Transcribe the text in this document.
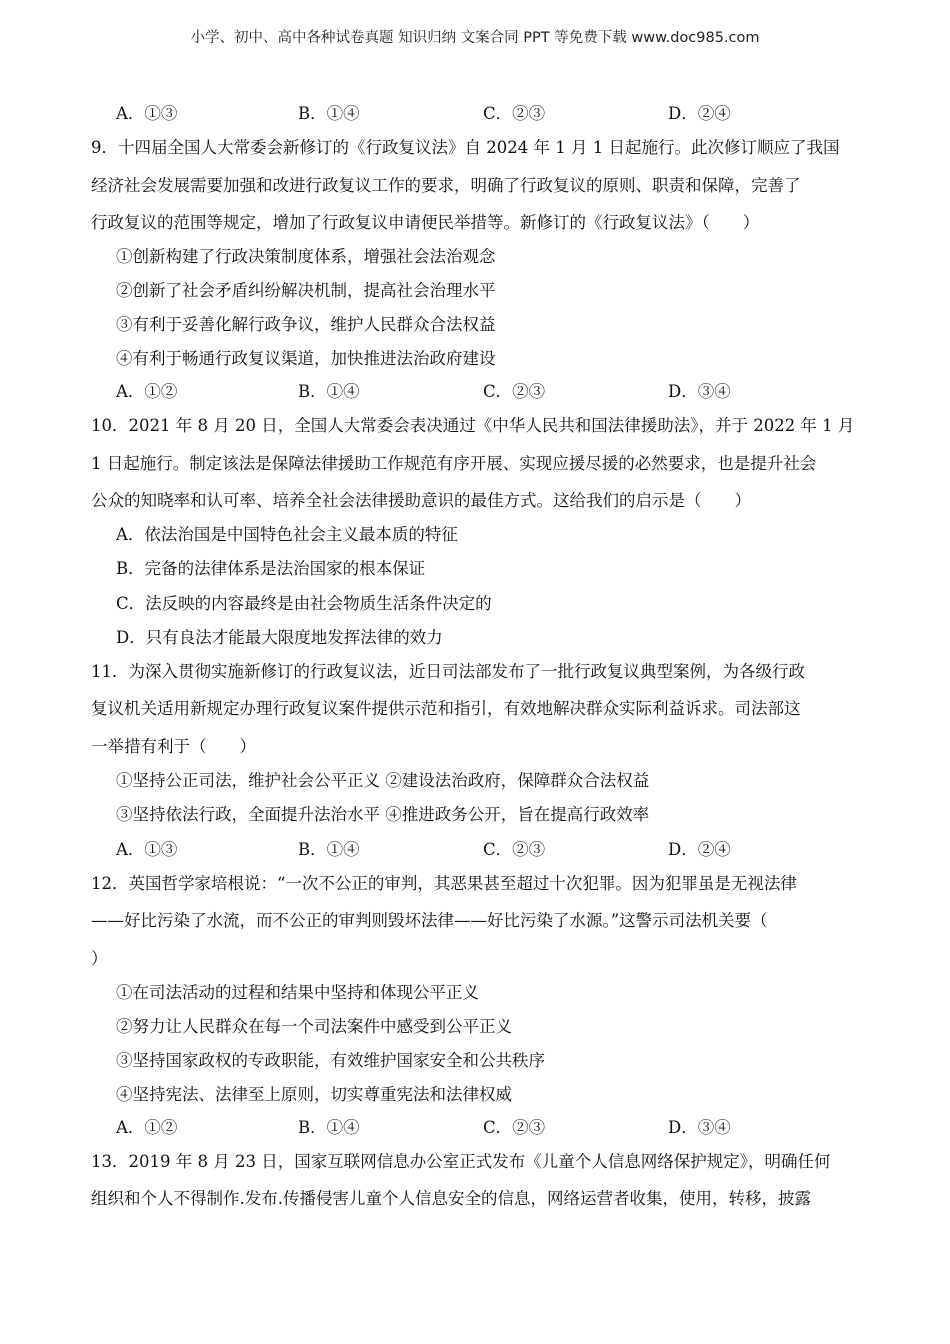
小学、初中、高中各种试卷真题 知识归纳 文案合同 PPT 等免费下载 www.doc985.com
A．①③	B．①④	C．②③	D．②④
9．十四届全国人大常委会新修订的《行政复议法》自 2024 年 1 月 1 日起施行。此次修订顺应了我国
经济社会发展需要加强和改进行政复议工作的要求，明确了行政复议的原则、职责和保障，完善了
行政复议的范围等规定，增加了行政复议申请便民举措等。新修订的《行政复议法》（　　）
①创新构建了行政决策制度体系，增强社会法治观念
②创新了社会矛盾纠纷解决机制，提高社会治理水平
③有利于妥善化解行政争议，维护人民群众合法权益
④有利于畅通行政复议渠道，加快推进法治政府建设
A．①②	B．①④	C．②③	D．③④
10．2021 年 8 月 20 日，全国人大常委会表决通过《中华人民共和国法律援助法》，并于 2022 年 1 月
1 日起施行。制定该法是保障法律援助工作规范有序开展、实现应援尽援的必然要求，也是提升社会
公众的知晓率和认可率、培养全社会法律援助意识的最佳方式。这给我们的启示是（　　）
A．依法治国是中国特色社会主义最本质的特征
B．完备的法律体系是法治国家的根本保证
C．法反映的内容最终是由社会物质生活条件决定的
D．只有良法才能最大限度地发挥法律的效力
11．为深入贯彻实施新修订的行政复议法，近日司法部发布了一批行政复议典型案例，为各级行政
复议机关适用新规定办理行政复议案件提供示范和指引，有效地解决群众实际利益诉求。司法部这
一举措有利于（　　）
①坚持公正司法，维护社会公平正义 ②建设法治政府，保障群众合法权益
③坚持依法行政，全面提升法治水平 ④推进政务公开，旨在提高行政效率
A．①③	B．①④	C．②③	D．②④
12．英国哲学家培根说：“一次不公正的审判，其恶果甚至超过十次犯罪。因为犯罪虽是无视法律
——好比污染了水流，而不公正的审判则毁坏法律——好比污染了水源。”这警示司法机关要（
）
①在司法活动的过程和结果中坚持和体现公平正义
②努力让人民群众在每一个司法案件中感受到公平正义
③坚持国家政权的专政职能，有效维护国家安全和公共秩序
④坚持宪法、法律至上原则，切实尊重宪法和法律权威
A．①②	B．①④	C．②③	D．③④
13．2019 年 8 月 23 日，国家互联网信息办公室正式发布《儿童个人信息网络保护规定》，明确任何
组织和个人不得制作.发布.传播侵害儿童个人信息安全的信息，网络运营者收集，使用，转移，披露
